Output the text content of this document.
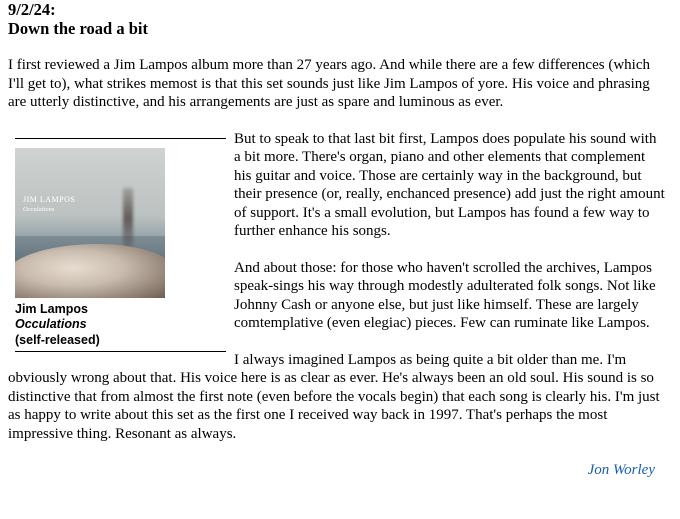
9/2/24:
Down the road a bit

I first reviewed a Jim Lampos album more than 27 years ago. And while there are a few differences (which I'll get to), what strikes memost is that this set sounds just like Jim Lampos of yore. His voice and phrasing are utterly distinctive, and his arrangements are just as spare and luminous as ever.

JIM LAMPOS
Occulations
Jim Lampos
Occulations
(self-released)

But to speak to that last bit first, Lampos does populate his sound with a bit more. There's organ, piano and other elements that complement his guitar and voice. Those are certainly way in the background, but their presence (or, really, enchanced presence) add just the right amount of support. It's a small evolution, but Lampos has found a few way to further enhance his songs.

And about those: for those who haven't scrolled the archives, Lampos speak-sings his way through modestly adulterated folk songs. Not like Johnny Cash or anyone else, but just like himself. These are largely comtemplative (even elegiac) pieces. Few can ruminate like Lampos.

I always imagined Lampos as being quite a bit older than me. I'm obviously wrong about that. His voice here is as clear as ever. He's always been an old soul. His sound is so distinctive that from almost the first note (even before the vocals begin) that each song is clearly his. I'm just as happy to write about this set as the first one I received way back in 1997. That's perhaps the most impressive thing. Resonant as always.

Jon Worley
